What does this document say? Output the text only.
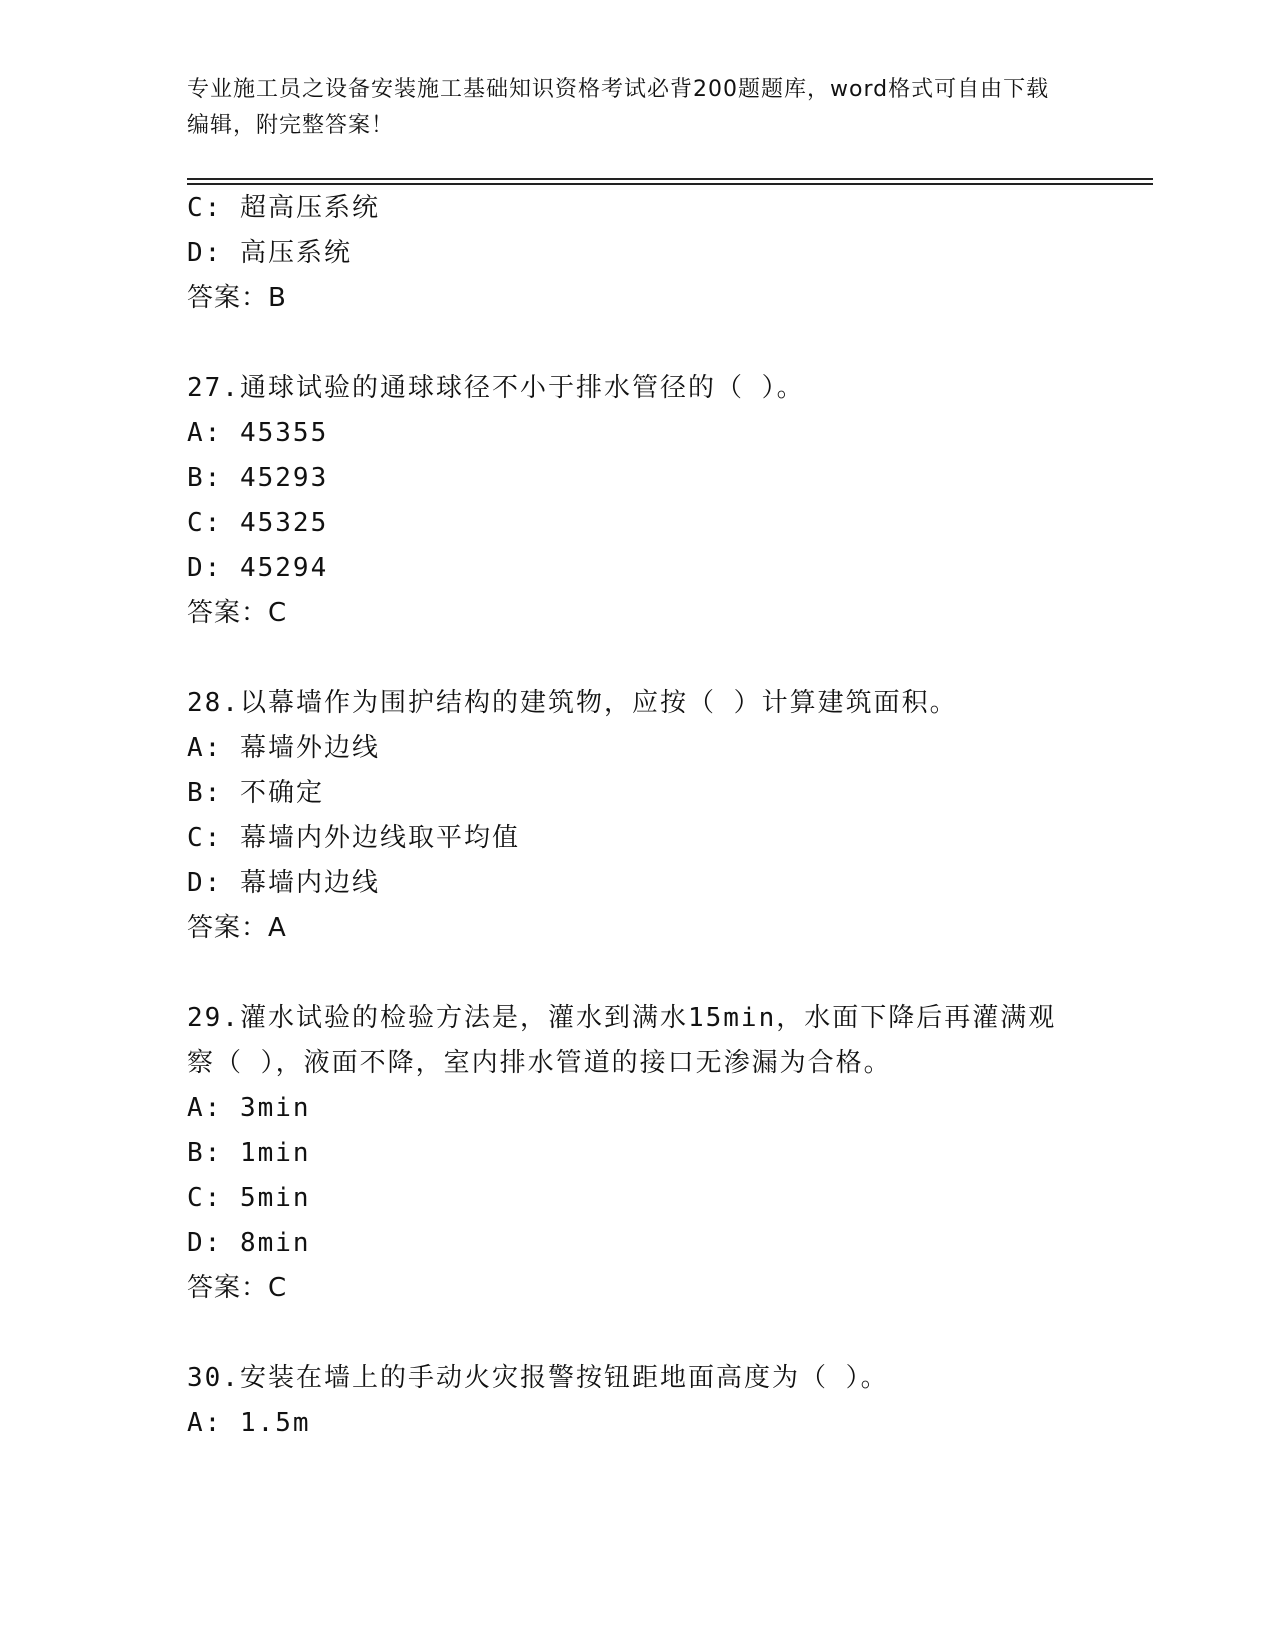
专业施工员之设备安装施工基础知识资格考试必背200题题库，word格式可自由下载编辑，附完整答案！
C: 超高压系统
D: 高压系统
答案：B
27.通球试验的通球球径不小于排水管径的（ ）。
A: 45355
B: 45293
C: 45325
D: 45294
答案：C
28.以幕墙作为围护结构的建筑物，应按（ ）计算建筑面积。
A: 幕墙外边线
B: 不确定
C: 幕墙内外边线取平均值
D: 幕墙内边线
答案：A
29.灌水试验的检验方法是，灌水到满水15min，水面下降后再灌满观
察（ ），液面不降，室内排水管道的接口无渗漏为合格。
A: 3min
B: 1min
C: 5min
D: 8min
答案：C
30.安装在墙上的手动火灾报警按钮距地面高度为（ ）。
A: 1.5m
